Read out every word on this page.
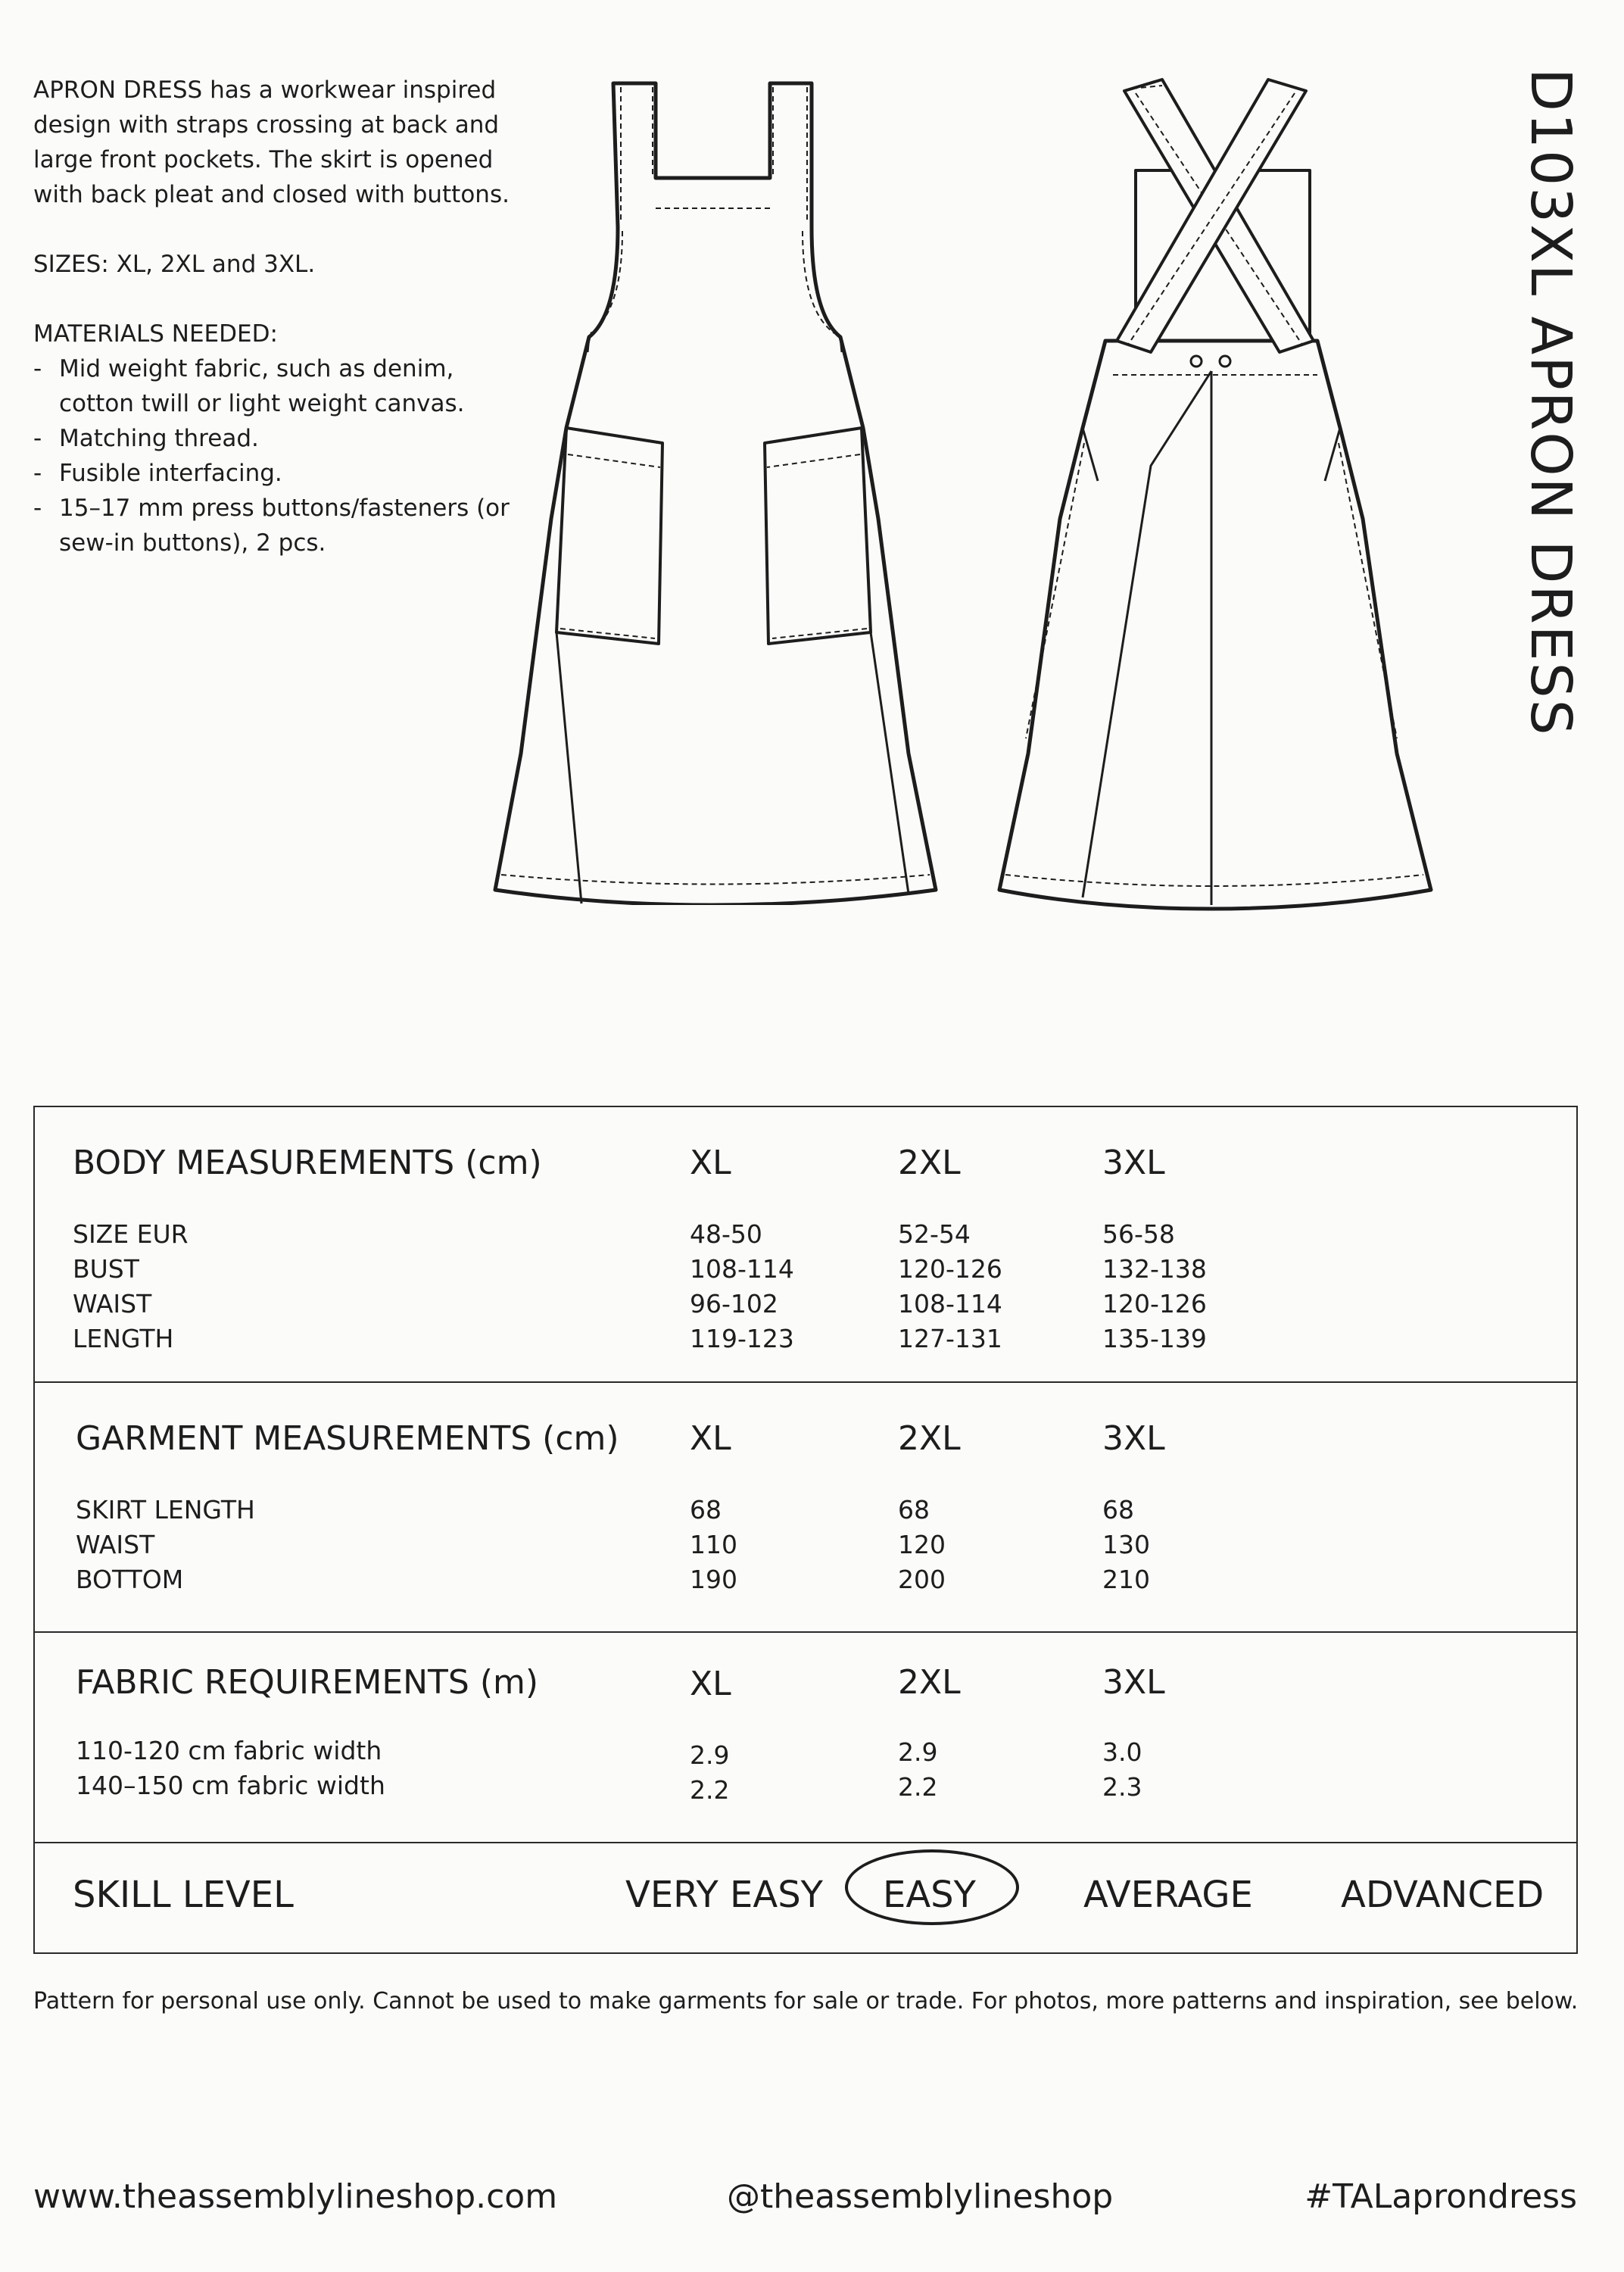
APRON DRESS has a workwear inspired design with straps crossing at back and large front pockets. The skirt is opened with back pleat and closed with buttons.

SIZES: XL, 2XL and 3XL.

MATERIALS NEEDED:

- Mid weight fabric, such as denim, cotton twill or light weight canvas.
- Matching thread.
- Fusible interfacing.
- 15–17 mm press buttons/fasteners (or sew-in buttons), 2 pcs.	D103XL APRON DRESS
BODY MEASUREMENTS (cm)	XL	2XL	3XL
SIZE EUR	48-50	52-54	56-58
BUST	108-114	120-126	132-138
WAIST	96-102	108-114	120-126
LENGTH	119-123	127-131	135-139
GARMENT MEASUREMENTS (cm) XL	2XL	3XL
SKIRT LENGTH	68	68	68
WAIST	110	120	130
BOTTOM	190	200	210
FABRIC REQUIREMENTS (m)	XL	2XL	3XL
110-120 cm fabric width	2.9	2.9	3.0
140–150 cm fabric width	2.2	2.2	2.3
SKILL LEVEL	VERY EASY EASY	AVERAGE ADVANCED
Pattern for personal use only. Cannot be used to make garments for sale or trade. For photos, more patterns and inspiration, see below.
www.theassemblylineshop.com	@theassemblylineshop	#TALaprondress
